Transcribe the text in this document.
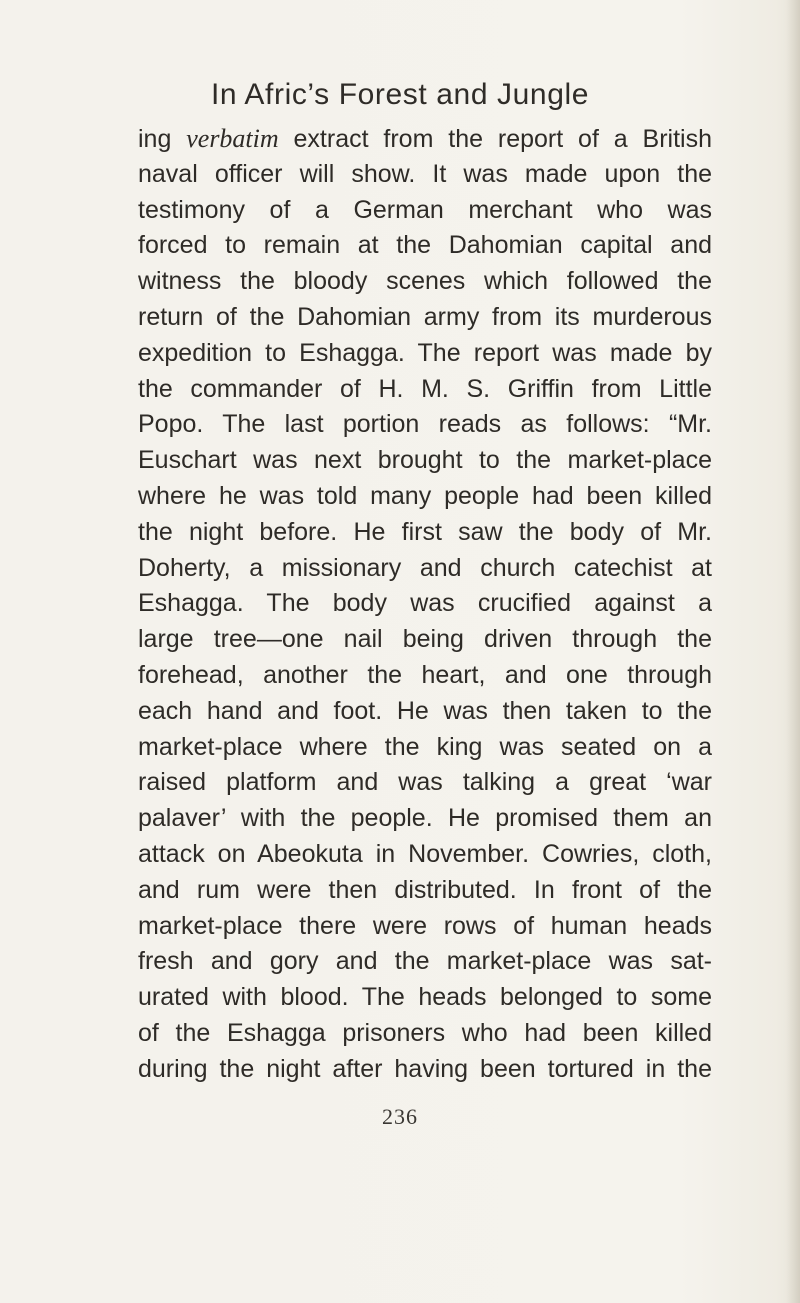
In Afric’s Forest and Jungle
ing verbatim extract from the report of a British
naval officer will show. It was made upon the
testimony of a German merchant who was
forced to remain at the Dahomian capital and
witness the bloody scenes which followed the
return of the Dahomian army from its murderous
expedition to Eshagga. The report was made by
the commander of H. M. S. Griffin from Little
Popo. The last portion reads as follows: “Mr.
Euschart was next brought to the market-place
where he was told many people had been killed
the night before. He first saw the body of Mr.
Doherty, a missionary and church catechist at
Eshagga. The body was crucified against a
large tree—one nail being driven through the
forehead, another the heart, and one through
each hand and foot. He was then taken to the
market-place where the king was seated on a
raised platform and was talking a great ‘war
palaver’ with the people. He promised them an
attack on Abeokuta in November. Cowries, cloth,
and rum were then distributed. In front of the
market-place there were rows of human heads
fresh and gory and the market-place was sat-
urated with blood. The heads belonged to some
of the Eshagga prisoners who had been killed
during the night after having been tortured in the
236
